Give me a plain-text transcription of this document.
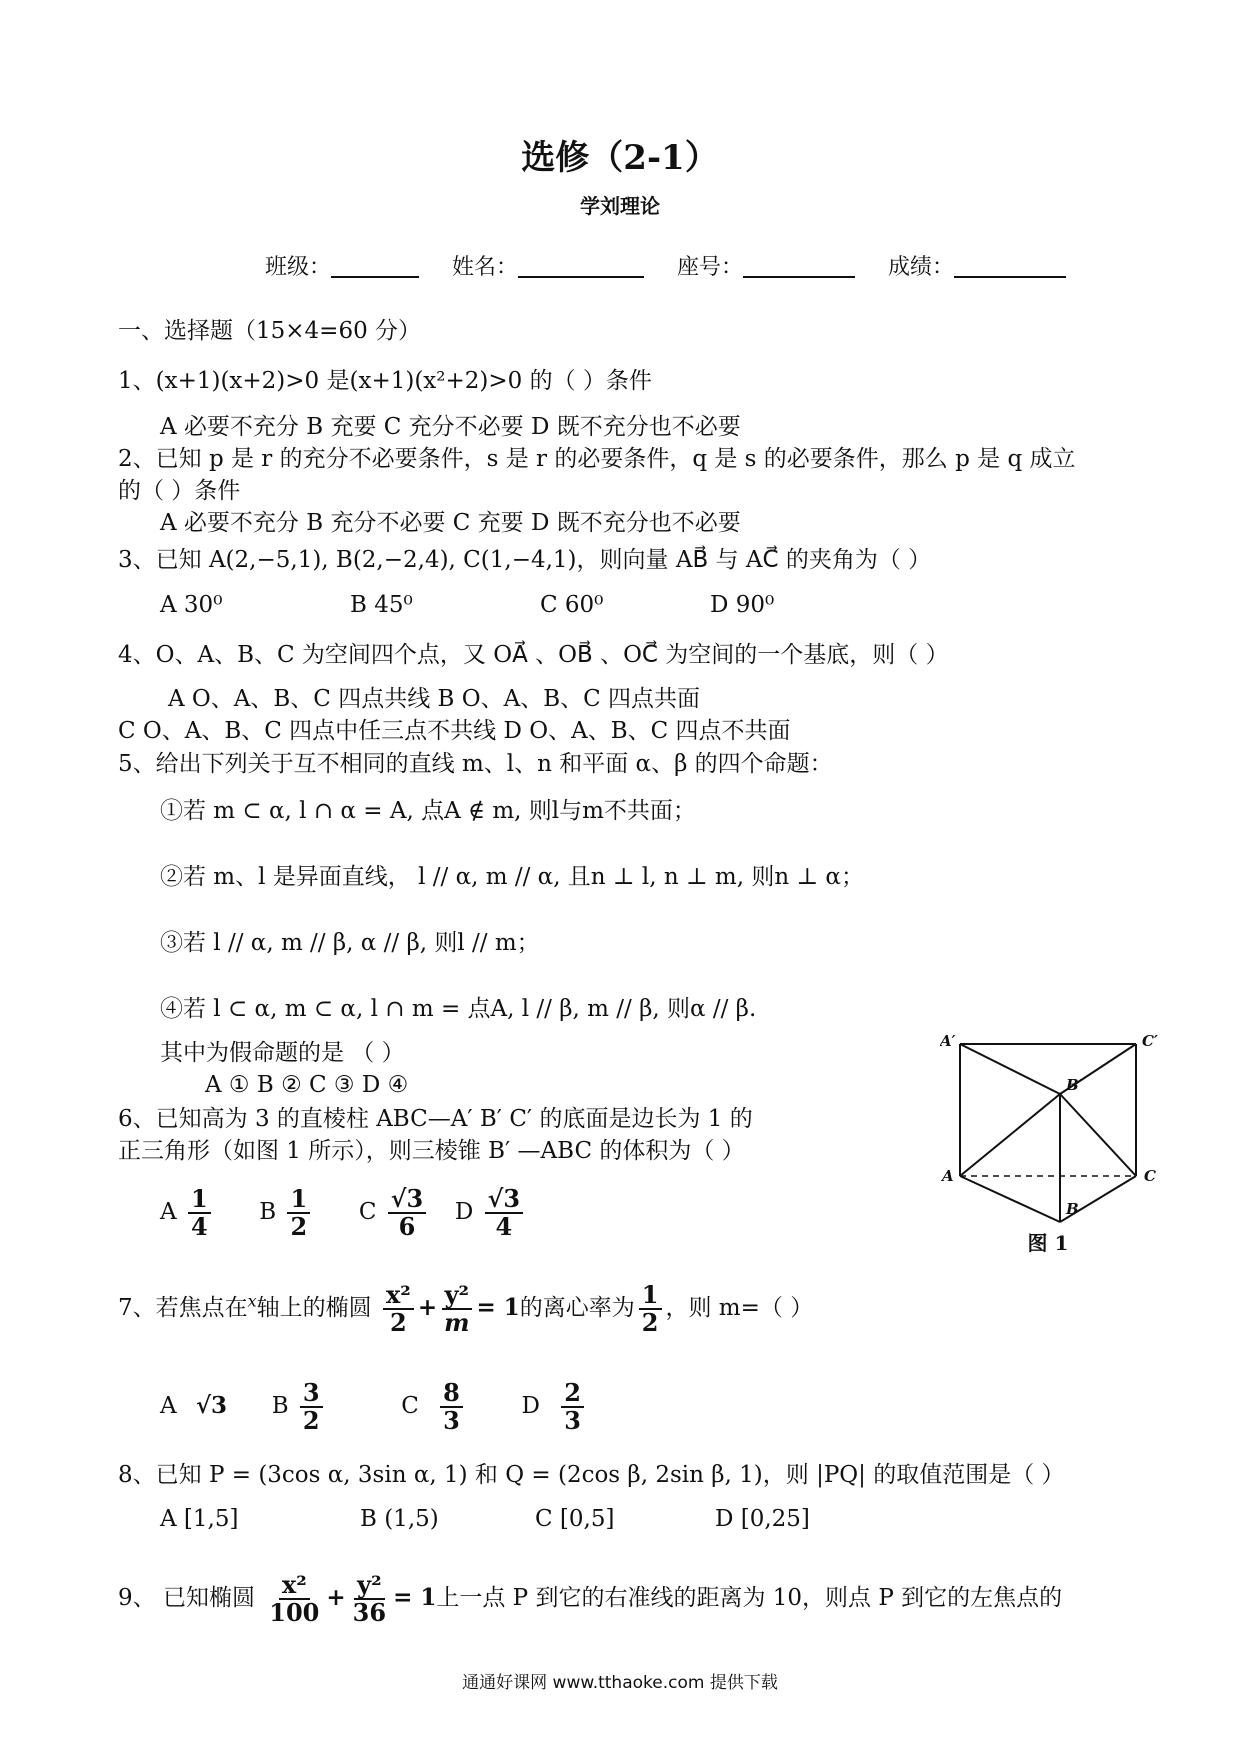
选修（2-1）
学刘理论
班级：	姓名：	座号：	成绩：
一、选择题（15×4=60 分）
1、(x+1)(x+2)>0 是(x+1)(x²+2)>0 的（ ）条件
A 必要不充分 B 充要 C 充分不必要 D 既不充分也不必要
2、已知 p 是 r 的充分不必要条件，s 是 r 的必要条件，q 是 s 的必要条件，那么 p 是 q 成立
的（ ）条件
A 必要不充分 B 充分不必要 C 充要 D 既不充分也不必要
3、已知 A(2,−5,1), B(2,−2,4), C(1,−4,1)，则向量 AB⃗ 与 AC⃗ 的夹角为（ ）
A 30⁰	B 45⁰	C 60⁰	D 90⁰
4、O、A、B、C 为空间四个点，又 OA⃗ 、OB⃗ 、OC⃗ 为空间的一个基底，则（ ）
A O、A、B、C 四点共线 B O、A、B、C 四点共面
C O、A、B、C 四点中任三点不共线 D O、A、B、C 四点不共面
5、给出下列关于互不相同的直线 m、l、n 和平面 α、β 的四个命题：
①若 m ⊂ α, l ∩ α = A, 点A ∉ m, 则l与m不共面；
②若 m、l 是异面直线， l // α, m // α, 且n ⊥ l, n ⊥ m, 则n ⊥ α；
③若 l // α, m // β, α // β, 则l // m；
④若 l ⊂ α, m ⊂ α, l ∩ m = 点A, l // β, m // β, 则α // β.
其中为假命题的是 （ ）
A ① B ② C ③ D ④
6、已知高为 3 的直棱柱 ABC—A′ B′ C′ 的底面是边长为 1 的
正三角形（如图 1 所示），则三棱锥 B′ —ABC 的体积为（ ）
A $\frac{1}{4}$ B $\frac{1}{2}$ C $\frac{√3}{6}$ D $\frac{√3}{4}$
A′	C′
B′
A	C
B
图 1
7、若焦点在$^x$轴上的椭圆 $\frac{\text{x²}}{2} + \frac{\text{y²}}{m} = 1$的离心率为 $\frac{1}{2}$ ，则 m=（ ）
A √3 B $\frac{3}{2}$	C $\frac{8}{3}$	D $\frac{2}{3}$
8、已知 P = (3cos α, 3sin α, 1) 和 Q = (2cos β, 2sin β, 1)，则 |PQ| 的取值范围是（ ）
A [1,5]	B (1,5)	C [0,5]	D [0,25]
9、 已知椭圆 $\frac{\text{x²}}{100} + \frac{\text{y²}}{36} = 1$上一点 P 到它的右准线的距离为 10，则点 P 到它的左焦点的
通通好课网 www.tthaoke.com 提供下载
